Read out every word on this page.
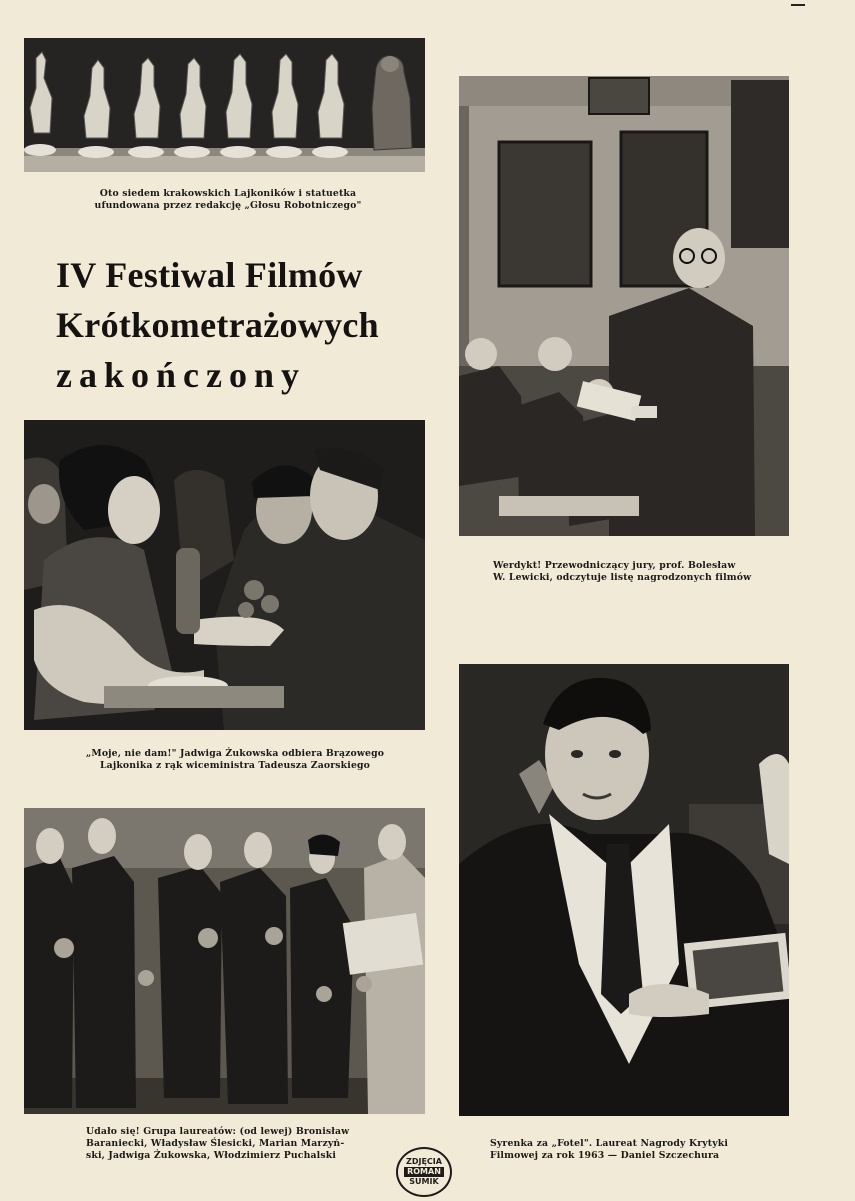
Oto siedem krakowskich Lajkoników i statuetka

ufundowana przez redakcję „Głosu Robotniczego"

IV Festiwal Filmów
Krótkometrażowych
zakończony

Werdykt! Przewodniczący jury, prof. Bolesław

W. Lewicki, odczytuje listę nagrodzonych filmów

„Moje, nie dam!" Jadwiga Żukowska odbiera Brązowego

Lajkonika z rąk wiceministra Tadeusza Zaorskiego

Udało się! Grupa laureatów: (od lewej) Bronisław

Baraniecki, Władysław Ślesicki, Marian Marzyń-

ski, Jadwiga Żukowska, Włodzimierz Puchalski

Syrenka za „Fotel". Laureat Nagrody Krytyki

Filmowej za rok 1963 — Daniel Szczechura

ZDJĘCIA
ROMAN
SUMIK
